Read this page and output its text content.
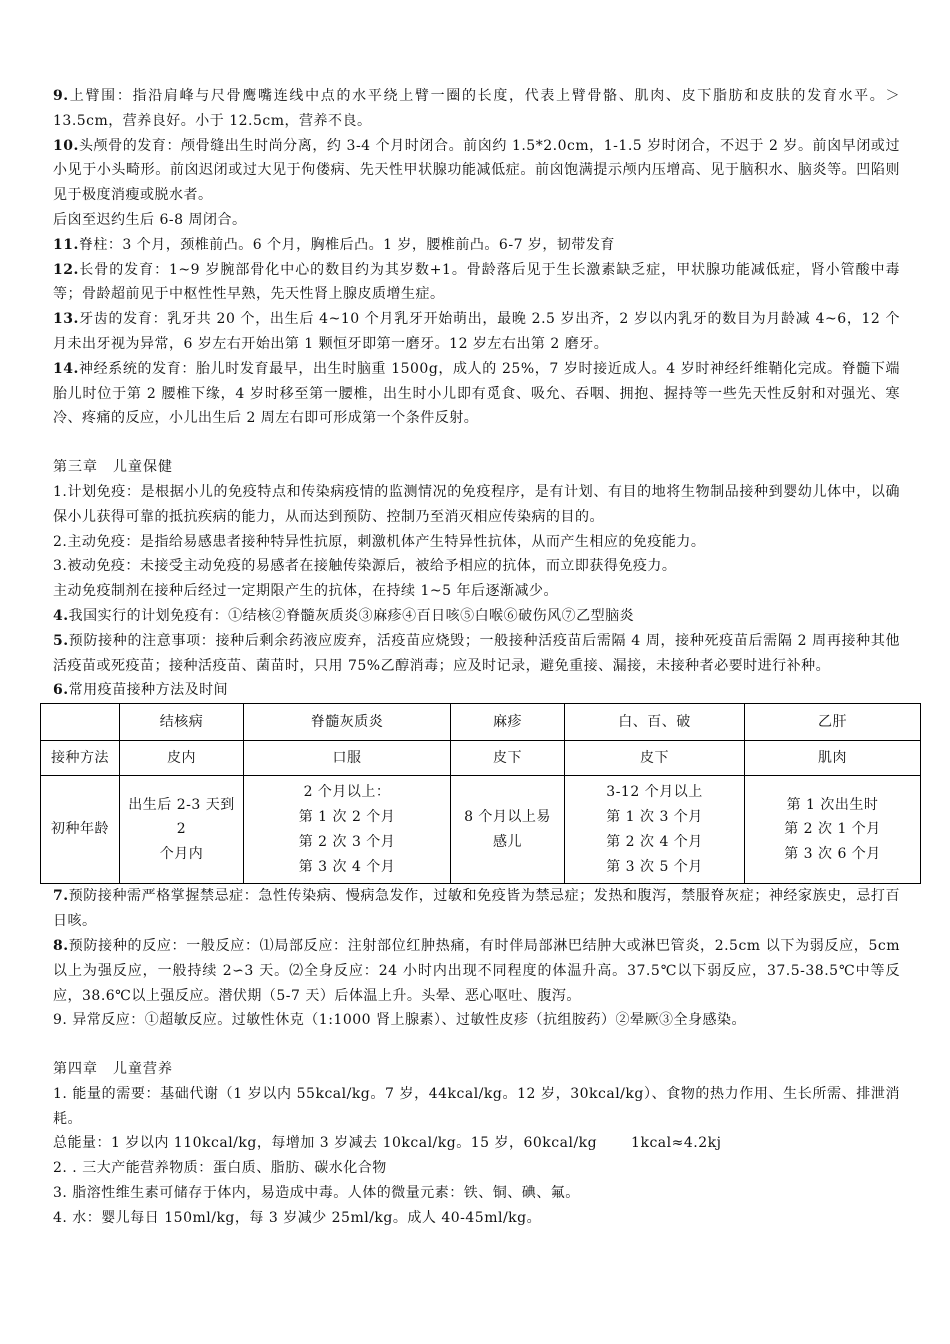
9.上臂围：指沿肩峰与尺骨鹰嘴连线中点的水平绕上臂一圈的长度，代表上臂骨骼、肌肉、皮下脂肪和皮肤的发育水平。＞13.5cm，营养良好。小于 12.5cm，营养不良。

10.头颅骨的发育：颅骨缝出生时尚分离，约 3-4 个月时闭合。前囟约 1.5*2.0cm，1-1.5 岁时闭合，不迟于 2 岁。前囟早闭或过小见于小头畸形。前囟迟闭或过大见于佝偻病、先天性甲状腺功能减低症。前囟饱满提示颅内压增高、见于脑积水、脑炎等。凹陷则见于极度消瘦或脱水者。

后囟至迟约生后 6-8 周闭合。

11.脊柱：3 个月，颈椎前凸。6 个月，胸椎后凸。1 岁，腰椎前凸。6-7 岁，韧带发育

12.长骨的发育：1~9 岁腕部骨化中心的数目约为其岁数+1。骨龄落后见于生长激素缺乏症，甲状腺功能减低症，肾小管酸中毒等；骨龄超前见于中枢性性早熟，先天性肾上腺皮质增生症。

13.牙齿的发育：乳牙共 20 个，出生后 4~10 个月乳牙开始萌出，最晚 2.5 岁出齐，2 岁以内乳牙的数目为月龄减 4~6，12 个月未出牙视为异常，6 岁左右开始出第 1 颗恒牙即第一磨牙。12 岁左右出第 2 磨牙。

14.神经系统的发育：胎儿时发育最早，出生时脑重 1500g，成人的 25%，7 岁时接近成人。4 岁时神经纤维鞘化完成。脊髓下端胎儿时位于第 2 腰椎下缘，4 岁时移至第一腰椎，出生时小儿即有觅食、吸允、吞咽、拥抱、握持等一些先天性反射和对强光、寒冷、疼痛的反应，小儿出生后 2 周左右即可形成第一个条件反射。

第三章　儿童保健

1.计划免疫：是根据小儿的免疫特点和传染病疫情的监测情况的免疫程序，是有计划、有目的地将生物制品接种到婴幼儿体中，以确保小儿获得可靠的抵抗疾病的能力，从而达到预防、控制乃至消灭相应传染病的目的。

2.主动免疫：是指给易感患者接种特异性抗原，刺激机体产生特异性抗体，从而产生相应的免疫能力。

3.被动免疫：未接受主动免疫的易感者在接触传染源后，被给予相应的抗体，而立即获得免疫力。

主动免疫制剂在接种后经过一定期限产生的抗体，在持续 1~5 年后逐渐减少。

4.我国实行的计划免疫有：①结核②脊髓灰质炎③麻疹④百日咳⑤白喉⑥破伤风⑦乙型脑炎

5.预防接种的注意事项：接种后剩余药液应废弃，活疫苗应烧毁；一般接种活疫苗后需隔 4 周，接种死疫苗后需隔 2 周再接种其他活疫苗或死疫苗；接种活疫苗、菌苗时，只用 75%乙醇消毒；应及时记录，避免重接、漏接，未接种者必要时进行补种。

6.常用疫苗接种方法及时间

	结核病	脊髓灰质炎	麻疹	白、百、破	乙肝
接种方法	皮内	口服	皮下	皮下	肌肉
初种年龄	出生后 2-3 天到 2
个月内	2 个月以上：
第 1 次 2 个月
第 2 次 3 个月
第 3 次 4 个月	8 个月以上易
感儿	3-12 个月以上
第 1 次 3 个月
第 2 次 4 个月
第 3 次 5 个月	第 1 次出生时
第 2 次 1 个月
第 3 次 6 个月

7.预防接种需严格掌握禁忌症：急性传染病、慢病急发作，过敏和免疫皆为禁忌症；发热和腹泻，禁服脊灰症；神经家族史，忌打百日咳。

8.预防接种的反应：一般反应：⑴局部反应：注射部位红肿热痛，有时伴局部淋巴结肿大或淋巴管炎，2.5cm 以下为弱反应，5cm 以上为强反应，一般持续 2∽3 天。⑵全身反应：24 小时内出现不同程度的体温升高。37.5℃以下弱反应，37.5-38.5℃中等反应，38.6℃以上强反应。潜伏期（5-7 天）后体温上升。头晕、恶心呕吐、腹泻。

9. 异常反应：①超敏反应。过敏性休克（1:1000 肾上腺素）、过敏性皮疹（抗组胺药）②晕厥③全身感染。

第四章　儿童营养

1. 能量的需要：基础代谢（1 岁以内 55kcal/kg。7 岁，44kcal/kg。12 岁，30kcal/kg）、食物的热力作用、生长所需、排泄消耗。

总能量：1 岁以内 110kcal/kg，每增加 3 岁减去 10kcal/kg。15 岁，60kcal/kg　　 1kcal≈4.2kj

2. . 三大产能营养物质：蛋白质、脂肪、碳水化合物

3. 脂溶性维生素可储存于体内，易造成中毒。人体的微量元素：铁、铜、碘、氟。

4. 水：婴儿每日 150ml/kg，每 3 岁减少 25ml/kg。成人 40-45ml/kg。
